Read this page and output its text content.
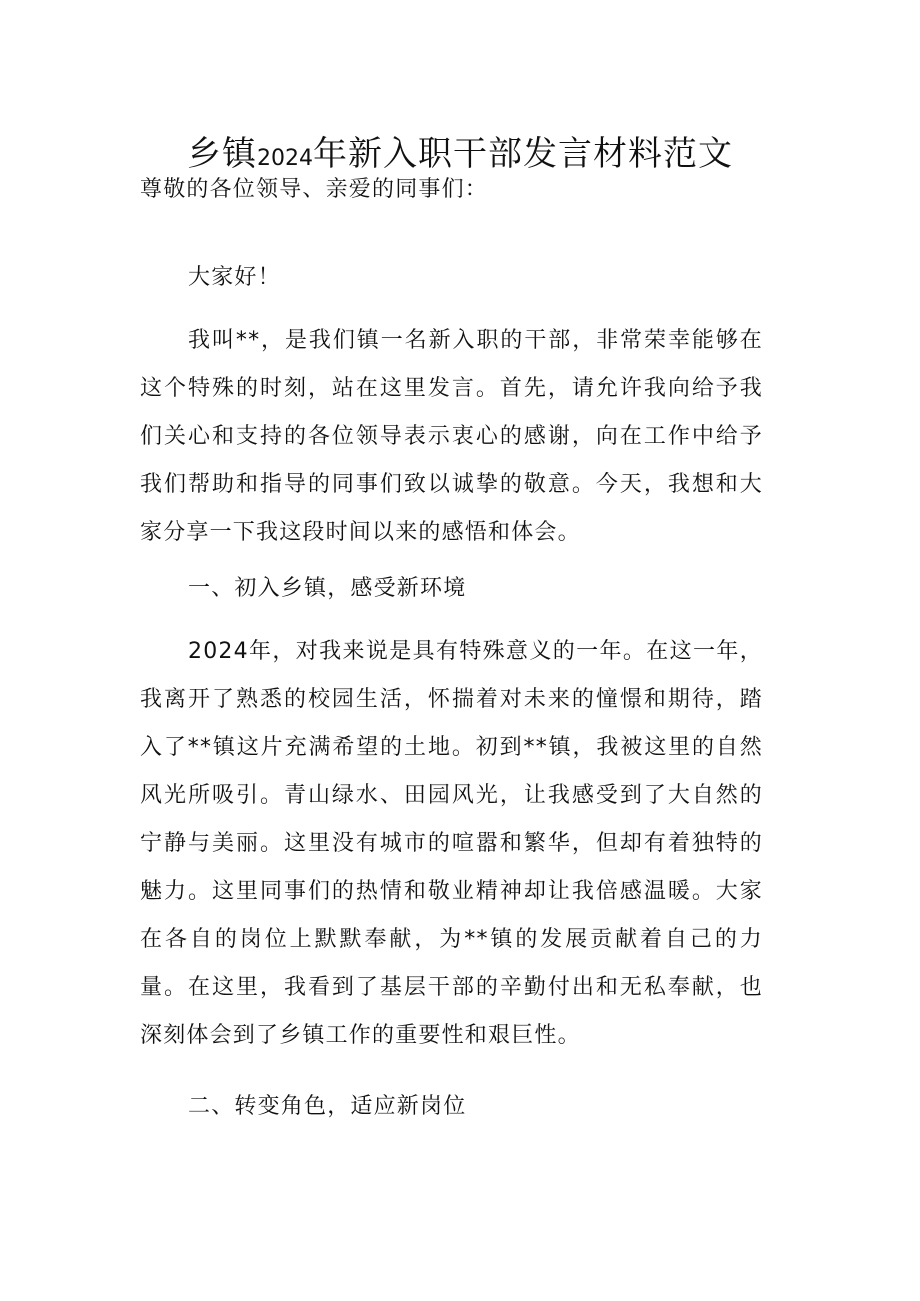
乡镇2024年新入职干部发言材料范文

尊敬的各位领导、亲爱的同事们：

大家好！

我叫**，是我们镇一名新入职的干部，非常荣幸能够在这个特殊的时刻，站在这里发言。首先，请允许我向给予我们关心和支持的各位领导表示衷心的感谢，向在工作中给予我们帮助和指导的同事们致以诚挚的敬意。今天，我想和大家分享一下我这段时间以来的感悟和体会。

一、初入乡镇，感受新环境

2024年，对我来说是具有特殊意义的一年。在这一年，我离开了熟悉的校园生活，怀揣着对未来的憧憬和期待，踏入了**镇这片充满希望的土地。初到**镇，我被这里的自然风光所吸引。青山绿水、田园风光，让我感受到了大自然的宁静与美丽。这里没有城市的喧嚣和繁华，但却有着独特的魅力。这里同事们的热情和敬业精神却让我倍感温暖。大家在各自的岗位上默默奉献，为**镇的发展贡献着自己的力量。在这里，我看到了基层干部的辛勤付出和无私奉献，也深刻体会到了乡镇工作的重要性和艰巨性。

二、转变角色，适应新岗位
